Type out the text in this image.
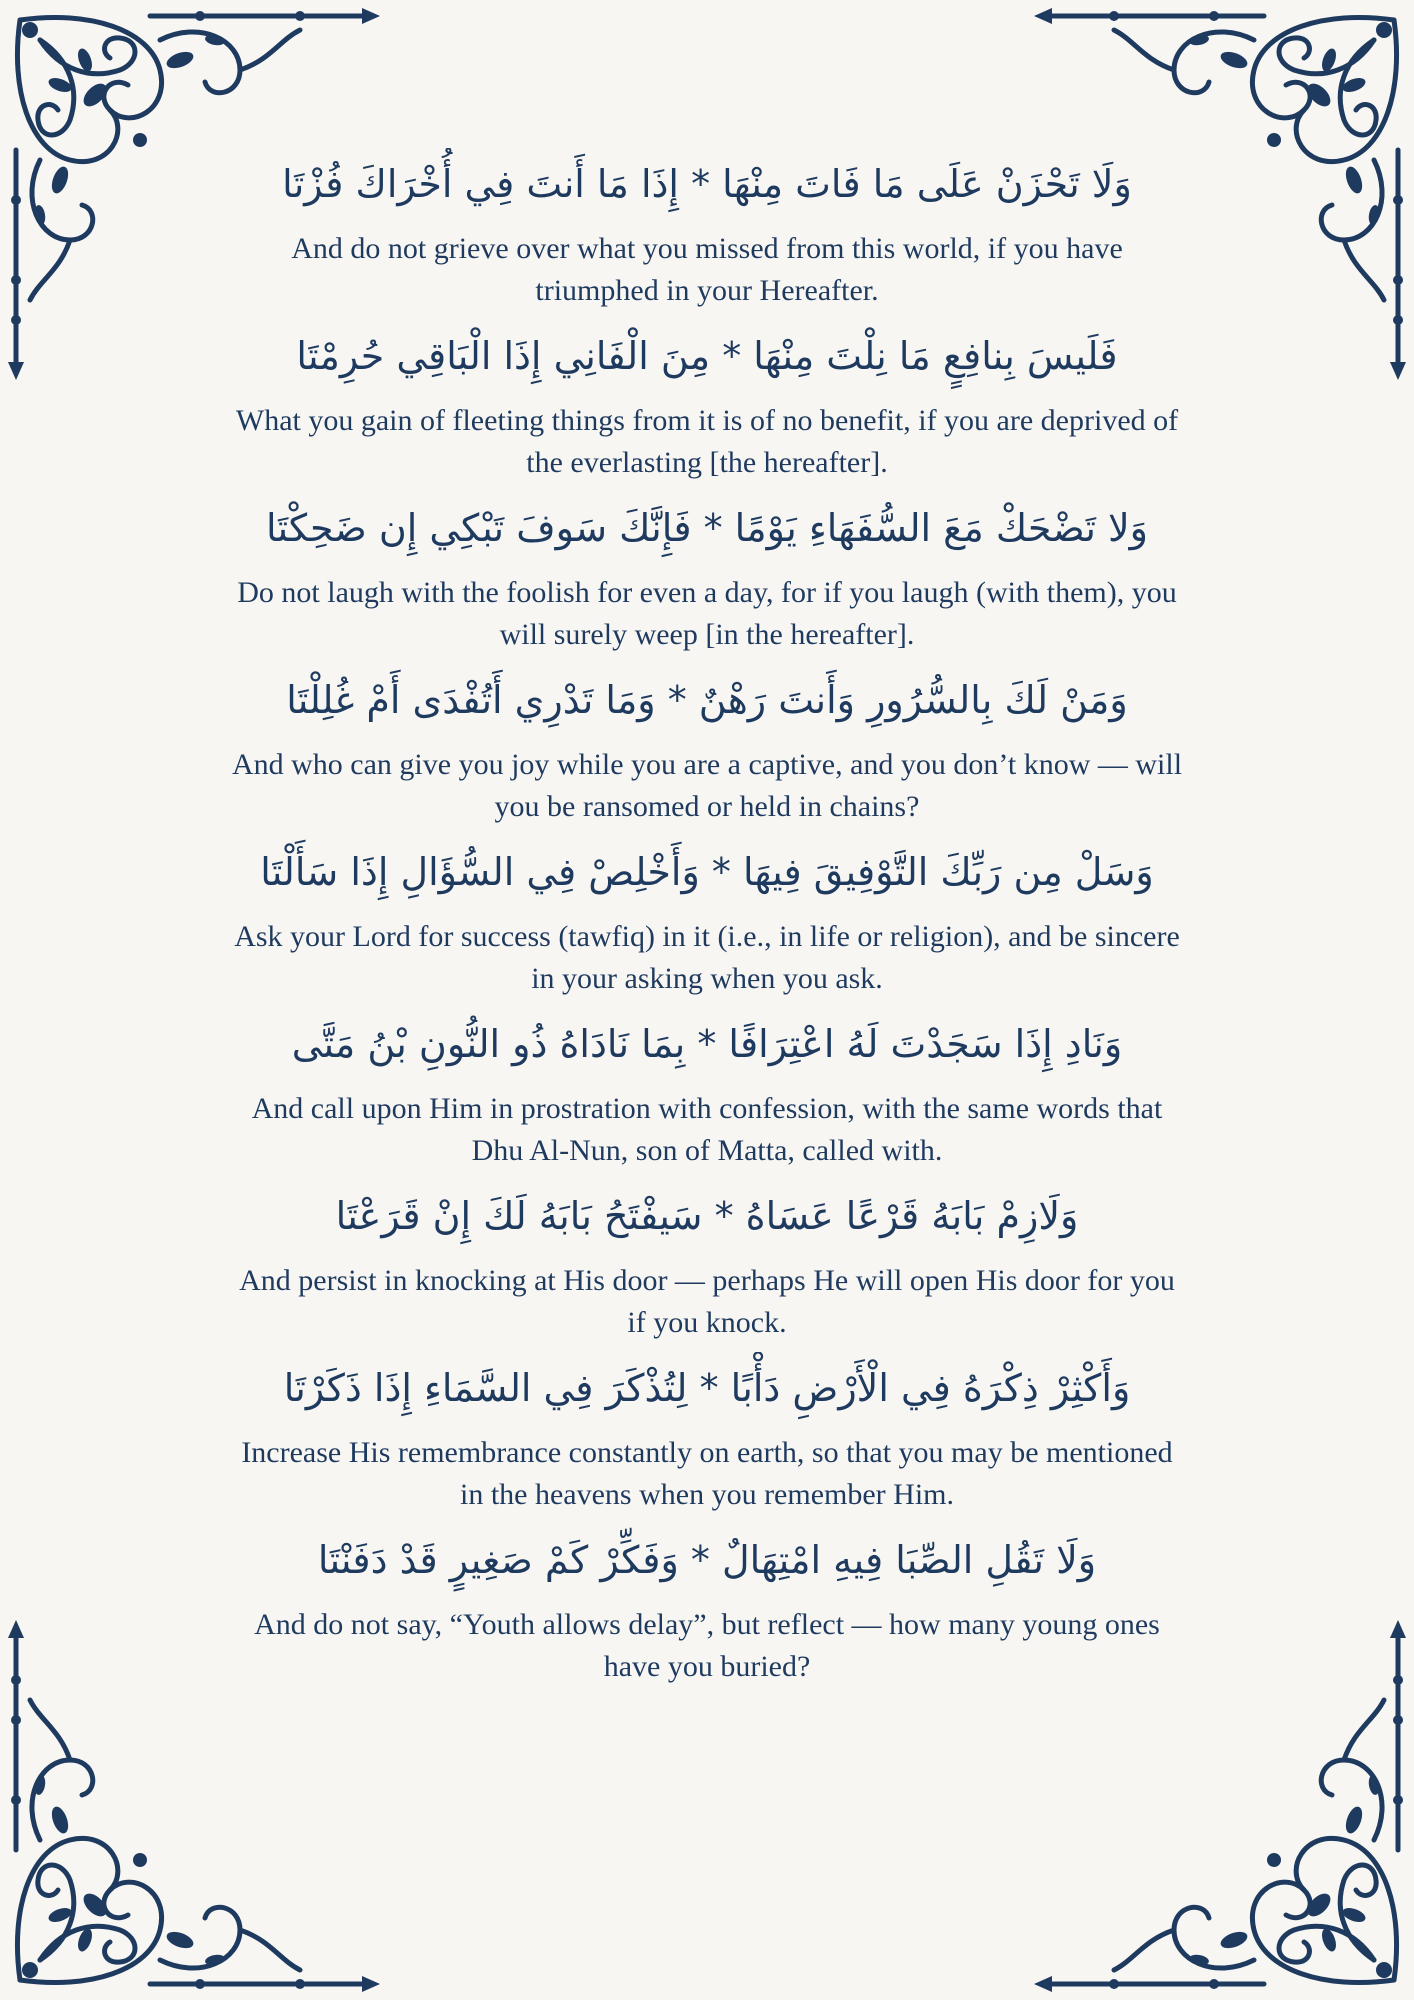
وَلَا تَحْزَنْ عَلَى مَا فَاتَ مِنْهَا * إِذَا مَا أَنتَ فِي أُخْرَاكَ فُزْتَا
And do not grieve over what you missed from this world, if you have triumphed in your Hereafter.
فَلَيسَ بِنافِعٍ مَا نِلْتَ مِنْهَا * مِنَ الْفَانِي إِذَا الْبَاقِي حُرِمْتَا
What you gain of fleeting things from it is of no benefit, if you are deprived of the everlasting [the hereafter].
وَلا تَضْحَكْ مَعَ السُّفَهَاءِ يَوْمًا * فَإِنَّكَ سَوفَ تَبْكِي إِن ضَحِكْتَا
Do not laugh with the foolish for even a day, for if you laugh (with them), you will surely weep [in the hereafter].
وَمَنْ لَكَ بِالسُّرُورِ وَأَنتَ رَهْنٌ * وَمَا تَدْرِي أَتُفْدَى أَمْ غُلِلْتَا
And who can give you joy while you are a captive, and you don’t know — will you be ransomed or held in chains?
وَسَلْ مِن رَبِّكَ التَّوْفِيقَ فِيهَا * وَأَخْلِصْ فِي السُّؤَالِ إِذَا سَأَلْتَا
Ask your Lord for success (tawfiq) in it (i.e., in life or religion), and be sincere in your asking when you ask.
وَنَادِ إِذَا سَجَدْتَ لَهُ اعْتِرَافًا * بِمَا نَادَاهُ ذُو النُّونِ بْنُ مَتَّى
And call upon Him in prostration with confession, with the same words that Dhu Al-Nun, son of Matta, called with.
وَلَازِمْ بَابَهُ قَرْعًا عَسَاهُ * سَيفْتَحُ بَابَهُ لَكَ إِنْ قَرَعْتَا
And persist in knocking at His door — perhaps He will open His door for you if you knock.
وَأَكْثِرْ ذِكْرَهُ فِي الْأَرْضِ دَأْبًا * لِتُذْكَرَ فِي السَّمَاءِ إِذَا ذَكَرْتَا
Increase His remembrance constantly on earth, so that you may be mentioned in the heavens when you remember Him.
وَلَا تَقُلِ الصِّبَا فِيهِ امْتِهَالٌ * وَفَكِّرْ كَمْ صَغِيرٍ قَدْ دَفَنْتَا
And do not say, “Youth allows delay”, but reflect — how many young ones have you buried?
